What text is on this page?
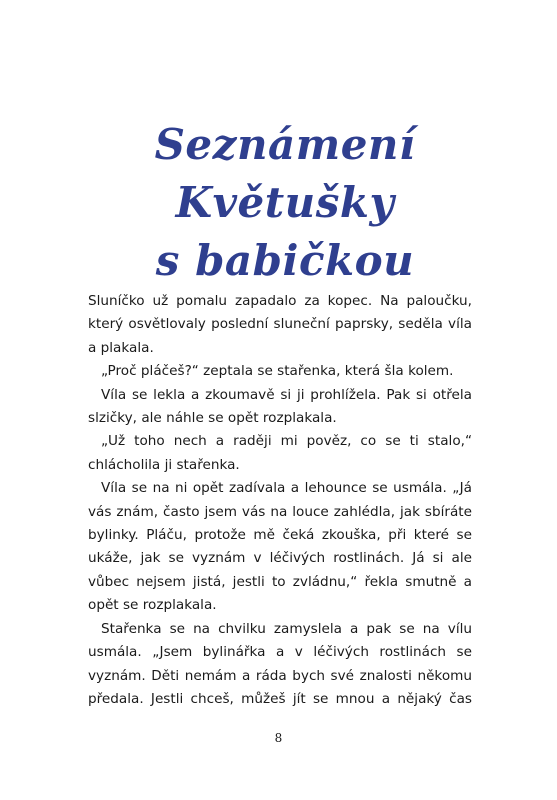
Seznámení Květušky
s babičkou

Sluníčko už pomalu zapadalo za kopec. Na paloučku, který osvětlovaly poslední sluneční paprsky, seděla víla a plakala.

„Proč pláčeš?“ zeptala se stařenka, která šla kolem.

Víla se lekla a zkoumavě si ji prohlížela. Pak si otřela slzičky, ale náhle se opět rozplakala.

„Už toho nech a raději mi pověz, co se ti stalo,“ chlácholila ji stařenka.

Víla se na ni opět zadívala a lehounce se usmála. „Já vás znám, často jsem vás na louce zahlédla, jak sbíráte bylinky. Pláču, protože mě čeká zkouška, při které se ukáže, jak se vyznám v léčivých rostlinách. Já si ale vůbec nejsem jistá, jestli to zvládnu,“ řekla smutně a opět se rozplakala.

Stařenka se na chvilku zamyslela a pak se na vílu usmála. „Jsem bylinářka a v léčivých rostlinách se vyznám. Děti nemám a ráda bych své znalosti někomu předala. Jestli chceš, můžeš jít se mnou a nějaký čas

8
